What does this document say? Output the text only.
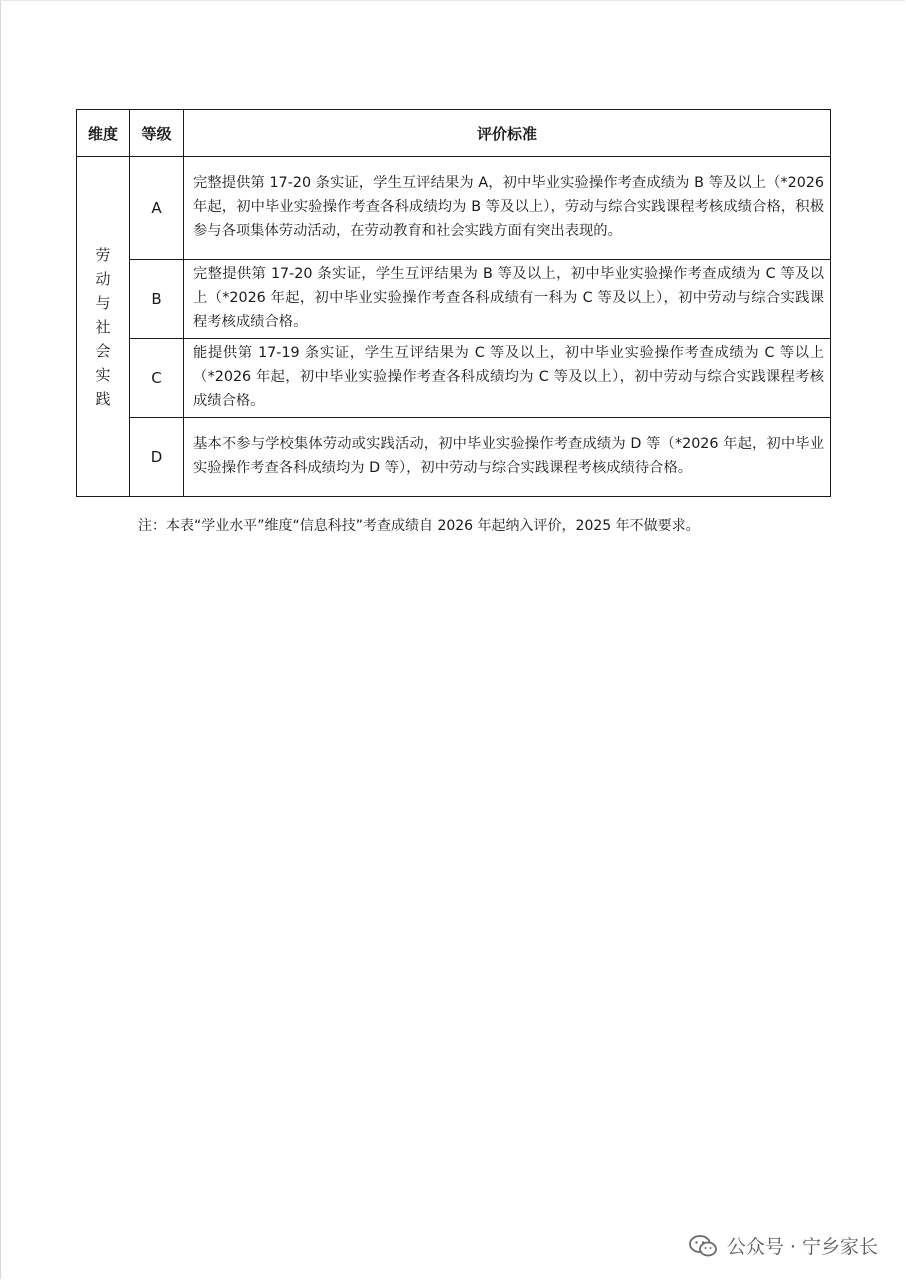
维度	等级	评价标准
劳动与社会实践	A	完整提供第 17-20 条实证，学生互评结果为 A，初中毕业实验操作考查成绩为 B 等及以上（*2026 年起，初中毕业实验操作考查各科成绩均为 B 等及以上），劳动与综合实践课程考核成绩合格，积极参与各项集体劳动活动，在劳动教育和社会实践方面有突出表现的。
	B	完整提供第 17-20 条实证，学生互评结果为 B 等及以上，初中毕业实验操作考查成绩为 C 等及以上（*2026 年起，初中毕业实验操作考查各科成绩有一科为 C 等及以上），初中劳动与综合实践课程考核成绩合格。
	C	能提供第 17-19 条实证，学生互评结果为 C 等及以上，初中毕业实验操作考查成绩为 C 等以上（*2026 年起，初中毕业实验操作考查各科成绩均为 C 等及以上），初中劳动与综合实践课程考核成绩合格。
	D	基本不参与学校集体劳动或实践活动，初中毕业实验操作考查成绩为 D 等（*2026 年起，初中毕业实验操作考查各科成绩均为 D 等），初中劳动与综合实践课程考核成绩待合格。
注：本表“学业水平”维度“信息科技”考查成绩自 2026 年起纳入评价，2025 年不做要求。
公众号 · 宁乡家长
